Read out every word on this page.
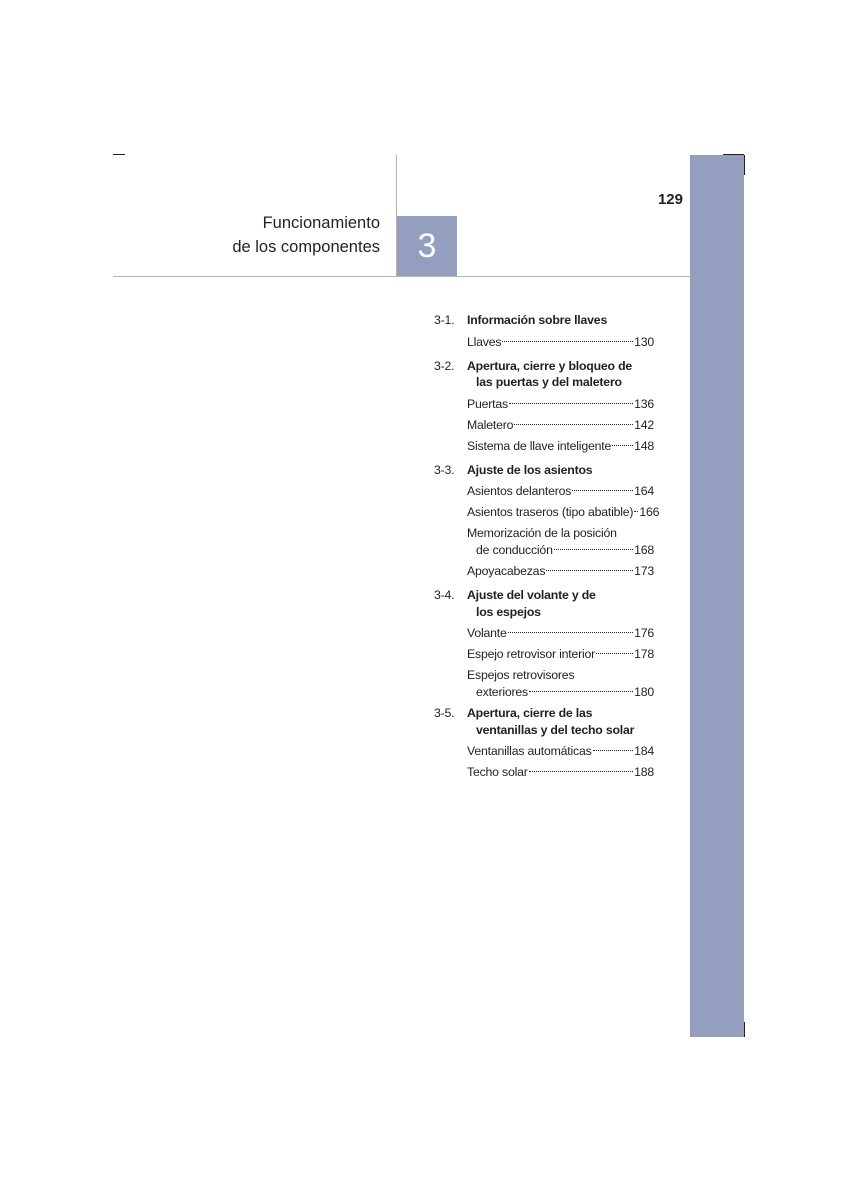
Funcionamiento
de los componentes	3
129
3-1. Información sobre llaves
Llaves	130
3-2. Apertura, cierre y bloqueo de
las puertas y del maletero
Puertas	136
Maletero	142
Sistema de llave inteligente 148
3-3. Ajuste de los asientos
Asientos delanteros	164
Asientos traseros (tipo abatible) 166
Memorización de la posición
de conducción	168
Apoyacabezas	173
3-4. Ajuste del volante y de
los espejos
Volante	176
Espejo retrovisor interior	178
Espejos retrovisores
exteriores	180
3-5. Apertura, cierre de las
ventanillas y del techo solar
Ventanillas automáticas	184
Techo solar	188
